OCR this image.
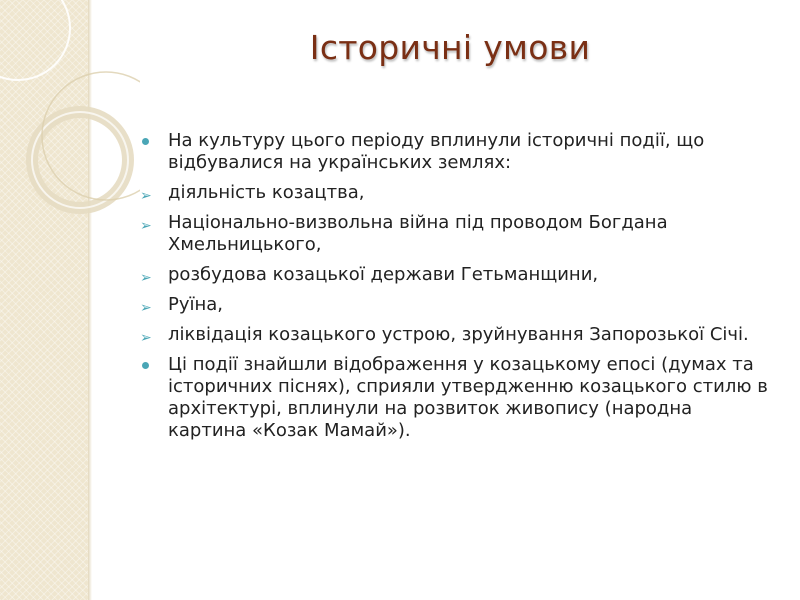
Історичні умови
На культуру цього періоду вплинули історичні події, що відбувалися на українських землях:
➢ діяльність козацтва,
➢ Національно-визвольна війна під проводом Богдана Хмельницького,
➢ розбудова козацької держави Гетьманщини,
➢ Руїна,
➢ ліквідація козацького устрою, зруйнування Запорозької Січі.
Ці події знайшли відображення у козацькому епосі (думах та історичних піснях), сприяли утвердженню козацького стилю в архітектурі, вплинули на розвиток живопису (народна картина «Козак Мамай»).
